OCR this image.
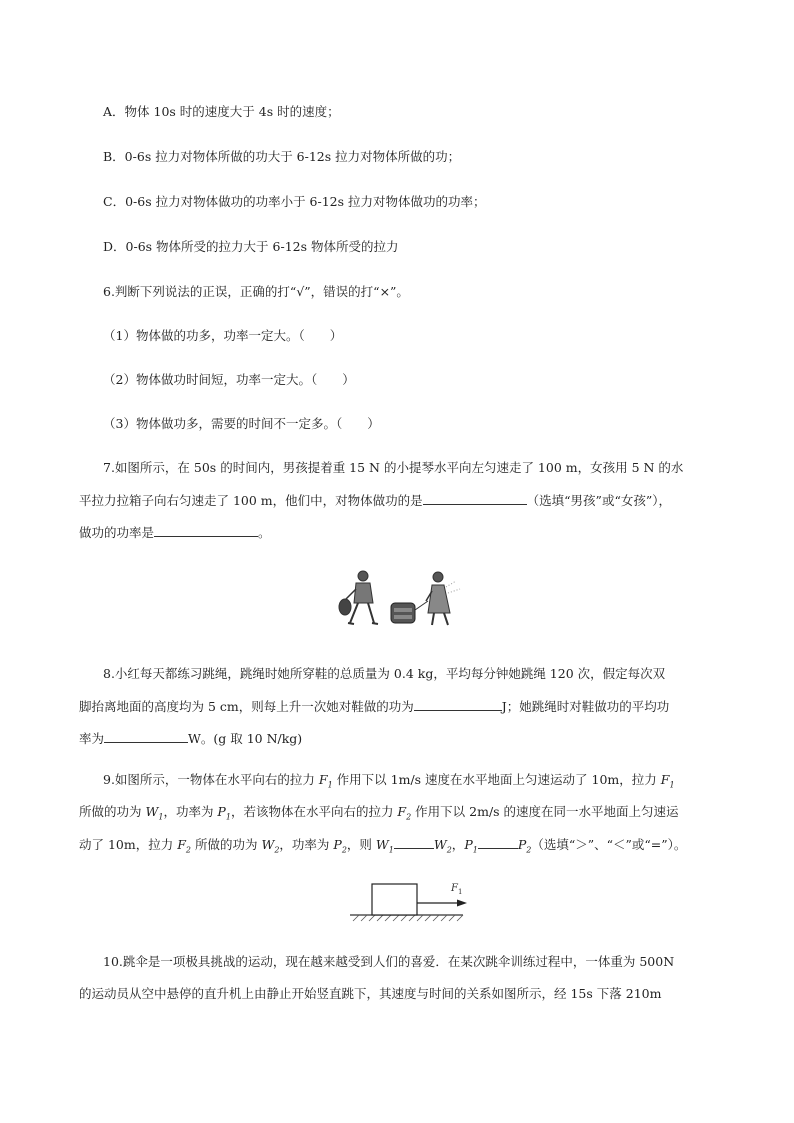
A．物体 10s 时的速度大于 4s 时的速度；
B．0-6s 拉力对物体所做的功大于 6-12s 拉力对物体所做的功；
C．0-6s 拉力对物体做功的功率小于 6-12s 拉力对物体做功的功率；
D．0-6s 物体所受的拉力大于 6-12s 物体所受的拉力
6.判断下列说法的正误，正确的打“√”，错误的打“×”。
（1）物体做的功多，功率一定大。（　　）
（2）物体做功时间短，功率一定大。（　　）
（3）物体做功多，需要的时间不一定多。（　　）
7.如图所示，在 50s 的时间内，男孩提着重 15 N 的小提琴水平向左匀速走了 100 m，女孩用 5 N 的水
平拉力拉箱子向右匀速走了 100 m，他们中，对物体做功的是	（选填“男孩”或“女孩”），
做功的功率是	。
8.小红每天都练习跳绳，跳绳时她所穿鞋的总质量为 0.4 kg，平均每分钟她跳绳 120 次，假定每次双
脚抬离地面的高度均为 5 cm，则每上升一次她对鞋做的功为	J；她跳绳时对鞋做功的平均功
率为	W。(g 取 10 N/kg)
9.如图所示，一物体在水平向右的拉力 $F_1$ 作用下以 1m/s 速度在水平地面上匀速运动了 10m，拉力 $F_1$
所做的功为 $W_1$，功率为 $P_1$，若该物体在水平向右的拉力 $F_2$ 作用下以 2m/s 的速度在同一水平地面上匀速运
动了 10m，拉力 $F_2$ 所做的功为 $W_2$，功率为 $P_2$，则 $W_1$	$W_2$，$P_1$	$P_2$（选填“＞”、“＜”或“=”）。
F 1
10.跳伞是一项极具挑战的运动，现在越来越受到人们的喜爱．在某次跳伞训练过程中，一体重为 500N
的运动员从空中悬停的直升机上由静止开始竖直跳下，其速度与时间的关系如图所示，经 15s 下落 210m
